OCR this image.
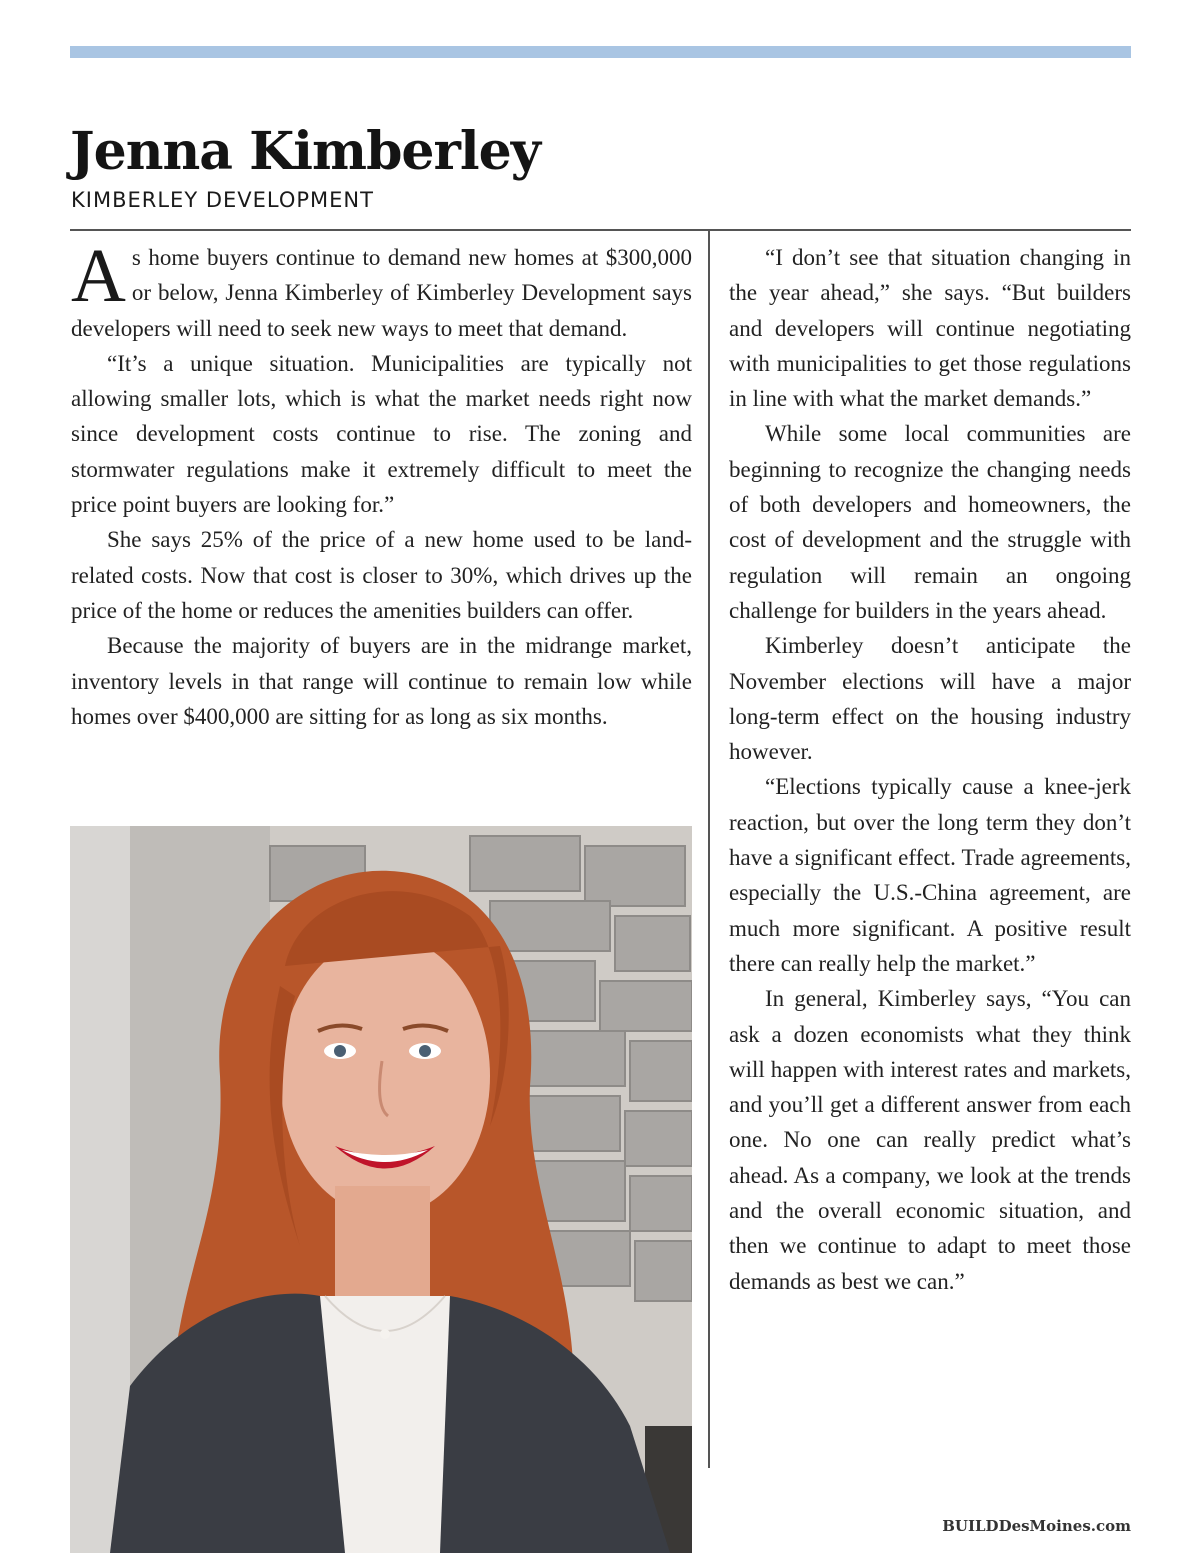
Jenna Kimberley
KIMBERLEY DEVELOPMENT

As home buyers continue to demand new homes at $300,000 or below, Jenna Kimberley of Kimberley Development says developers will need to seek new ways to meet that demand.

“It’s a unique situation. Municipalities are typically not allowing smaller lots, which is what the market needs right now since development costs continue to rise. The zoning and stormwater regulations make it extremely difficult to meet the price point buyers are looking for.”

She says 25% of the price of a new home used to be land-related costs. Now that cost is closer to 30%, which drives up the price of the home or reduces the amenities builders can offer.

Because the majority of buyers are in the midrange market, inventory levels in that range will continue to remain low while homes over $400,000 are sitting for as long as six months.

“I don’t see that situation changing in the year ahead,” she says. “But builders and developers will continue negotiating with municipalities to get those regulations in line with what the market demands.”

While some local communities are beginning to recognize the changing needs of both developers and homeowners, the cost of development and the struggle with regulation will remain an ongoing challenge for builders in the years ahead.

Kimberley doesn’t anticipate the November elections will have a major long-term effect on the housing industry however.

“Elections typically cause a knee-jerk reaction, but over the long term they don’t have a significant effect. Trade agreements, especially the U.S.-China agreement, are much more significant. A positive result there can really help the market.”

In general, Kimberley says, “You can ask a dozen economists what they think will happen with interest rates and markets, and you’ll get a different answer from each one. No one can really predict what’s ahead. As a company, we look at the trends and the overall economic situation, and then we continue to adapt to meet those demands as best we can.”

BUILDDesMoines.com
